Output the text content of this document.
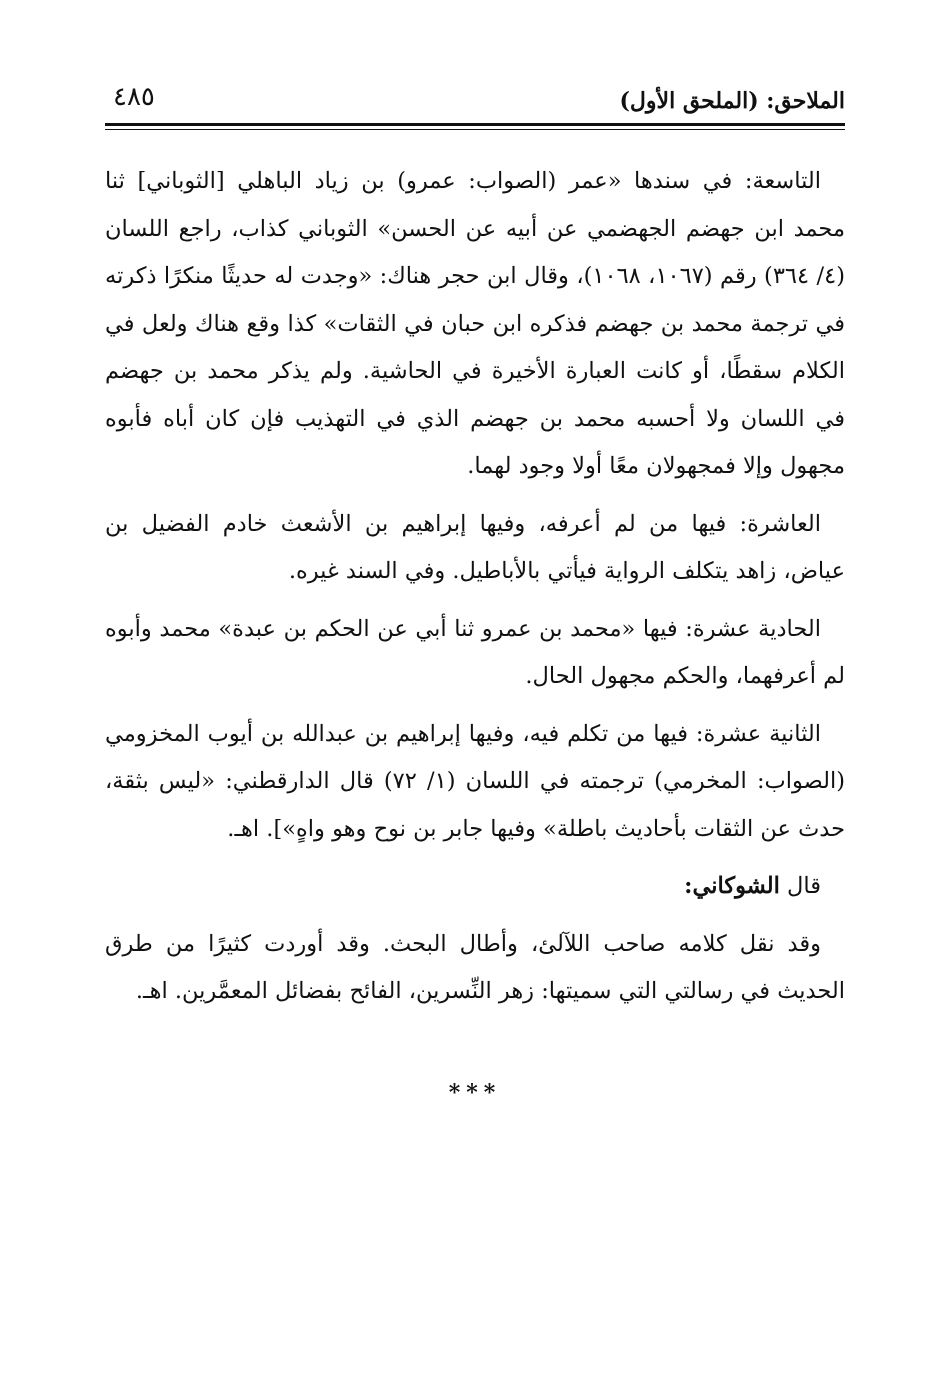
الملاحق: (الملحق الأول)
٤٨٥

التاسعة: في سندها «عمر (الصواب: عمرو) بن زياد الباهلي [الثوباني] ثنا محمد ابن جهضم الجهضمي عن أبيه عن الحسن» الثوباني كذاب، راجع اللسان (٤/ ٣٦٤) رقم (١٠٦٧، ١٠٦٨)، وقال ابن حجر هناك: «وجدت له حديثًا منكرًا ذكرته في ترجمة محمد بن جهضم فذكره ابن حبان في الثقات» كذا وقع هناك ولعل في الكلام سقطًا، أو كانت العبارة الأخيرة في الحاشية. ولم يذكر محمد بن جهضم في اللسان ولا أحسبه محمد بن جهضم الذي في التهذيب فإن كان أباه فأبوه مجهول وإلا فمجهولان معًا أولا وجود لهما.

العاشرة: فيها من لم أعرفه، وفيها إبراهيم بن الأشعث خادم الفضيل بن عياض، زاهد يتكلف الرواية فيأتي بالأباطيل. وفي السند غيره.

الحادية عشرة: فيها «محمد بن عمرو ثنا أبي عن الحكم بن عبدة» محمد وأبوه لم أعرفهما، والحكم مجهول الحال.

الثانية عشرة: فيها من تكلم فيه، وفيها إبراهيم بن عبدالله بن أيوب المخزومي (الصواب: المخرمي) ترجمته في اللسان (١/ ٧٢) قال الدارقطني: «ليس بثقة، حدث عن الثقات بأحاديث باطلة» وفيها جابر بن نوح وهو واهٍ»]. اهـ.

قال الشوكاني:

وقد نقل كلامه صاحب اللآلئ، وأطال البحث. وقد أوردت كثيرًا من طرق الحديث في رسالتي التي سميتها: زهر النِّسرين، الفائح بفضائل المعمَّرين. اهـ.

***
